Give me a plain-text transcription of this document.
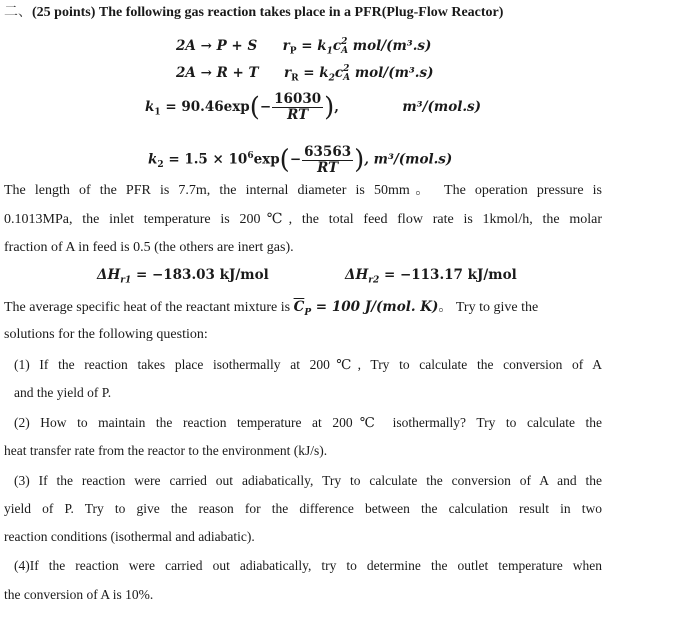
二、(25 points) The following gas reaction takes place in a PFR(Plug-Flow Reactor)
2A → P + S $r_P = k_1c$ 2
A mol/(m³.s)
2A → R + T $r_R = k_2c$ 2
A mol/(m³.s)
$k_1 = 90.46\exp(- \frac{16030}{RT}$ ),	m³/(mol.s)
$k_2 = 1.5 \times 10^6\exp(- \frac{63563}{RT}$ ), m³/(mol.s)
The length of the PFR is 7.7m, the internal diameter is 50mm。 The operation pressure is
0.1013MPa, the inlet temperature is 200℃, the total feed flow rate is 1kmol/h, the molar
fraction of A in feed is 0.5 (the others are inert gas).
$\Delta H_{r1} = -183.03$ kJ/mol	$\Delta H_{r2} = -113.17$ kJ/mol
The average specific heat of the reactant mixture is $\overline{C}_P = 100$ J/(mol. K)。 Try to give the
solutions for the following question:
(1) If the reaction takes place isothermally at 200℃, Try to calculate the conversion of A
and the yield of P.
(2) How to maintain the reaction temperature at 200℃ isothermally? Try to calculate the
heat transfer rate from the reactor to the environment (kJ/s).
(3) If the reaction were carried out adiabatically, Try to calculate the conversion of A and the
yield of P. Try to give the reason for the difference between the calculation result in two
reaction conditions (isothermal and adiabatic).
(4)If the reaction were carried out adiabatically, try to determine the outlet temperature when
the conversion of A is 10%.
